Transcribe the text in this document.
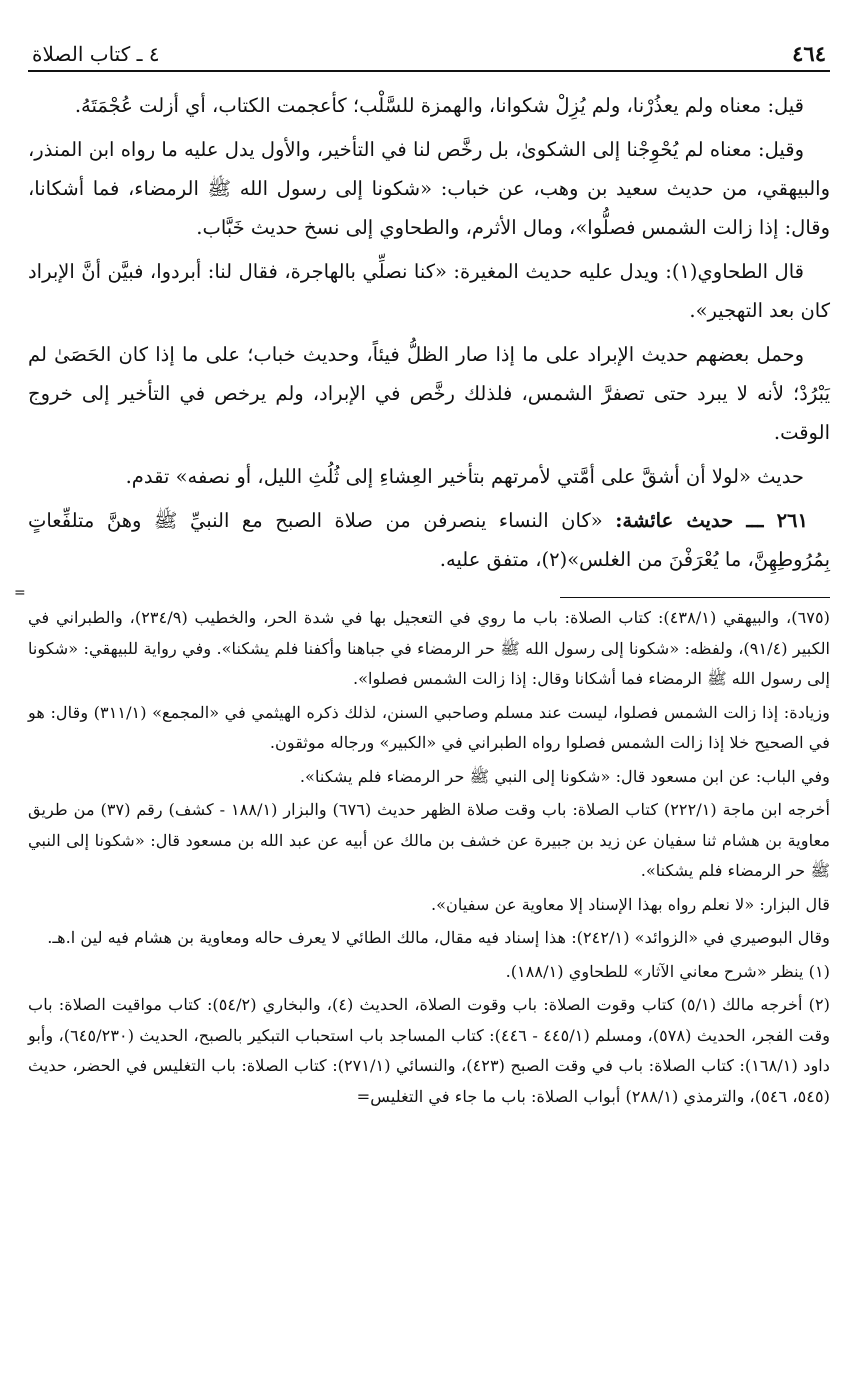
٤٦٤
٤ ـ كتاب الصلاة

قيل: معناه ولم يعذُرْنا، ولم يُزِلْ شكوانا، والهمزة للسَّلْب؛ كأعجمت الكتاب، أي أزلت عُجْمَتَهُ.

وقيل: معناه لم يُحْوِجْنا إلى الشكوىٰ، بل رخَّص لنا في التأخير، والأول يدل عليه ما رواه ابن المنذر، والبيهقي، من حديث سعيد بن وهب، عن خباب: «شكونا إلى رسول الله ﷺ الرمضاء، فما أشكانا، وقال: إذا زالت الشمس فصلُّوا»، ومال الأثرم، والطحاوي إلى نسخ حديث خَبَّاب.

قال الطحاوي(١): ويدل عليه حديث المغيرة: «كنا نصلِّي بالهاجرة، فقال لنا: أبردوا، فبيَّن أنَّ الإبراد كان بعد التهجير».

وحمل بعضهم حديث الإبراد على ما إذا صار الظلُّ فيئاً، وحديث خباب؛ على ما إذا كان الحَصَىٰ لم يَبْرُدْ؛ لأنه لا يبرد حتى تصفرَّ الشمس، فلذلك رخَّص في الإبراد، ولم يرخص في التأخير إلى خروج الوقت.

حديث «لولا أن أشقَّ على أمَّتي لأمرتهم بتأخير العِشاءِ إلى ثُلُثِ الليل، أو نصفه» تقدم.

٢٦١ ـــ حديث عائشة: «كان النساء ينصرفن من صلاة الصبح مع النبيِّ ﷺ وهنَّ متلفِّعاتٍ بِمُرُوطِهِنَّ، ما يُعْرَفْنَ من الغلس»(٢)، متفق عليه.

=

(٦٧٥)، والبيهقي (٤٣٨/١): كتاب الصلاة: باب ما روي في التعجيل بها في شدة الحر، والخطيب (٢٣٤/٩)، والطبراني في الكبير (٩١/٤)، ولفظه: «شكونا إلى رسول الله ﷺ حر الرمضاء في جباهنا وأكفنا فلم يشكنا». وفي رواية للبيهقي: «شكونا إلى رسول الله ﷺ الرمضاء فما أشكانا وقال: إذا زالت الشمس فصلوا».

وزيادة: إذا زالت الشمس فصلوا، ليست عند مسلم وصاحبي السنن، لذلك ذكره الهيثمي في «المجمع» (٣١١/١) وقال: هو في الصحيح خلا إذا زالت الشمس فصلوا رواه الطبراني في «الكبير» ورجاله موثقون.

وفي الباب: عن ابن مسعود قال: «شكونا إلى النبي ﷺ حر الرمضاء فلم يشكنا».

أخرجه ابن ماجة (٢٢٢/١) كتاب الصلاة: باب وقت صلاة الظهر حديث (٦٧٦) والبزار (١٨٨/١ - كشف) رقم (٣٧) من طريق معاوية بن هشام ثنا سفيان عن زيد بن جبيرة عن خشف بن مالك عن أبيه عن عبد الله بن مسعود قال: «شكونا إلى النبي ﷺ حر الرمضاء فلم يشكنا».

قال البزار: «لا نعلم رواه بهذا الإسناد إلا معاوية عن سفيان».

وقال البوصيري في «الزوائد» (٢٤٢/١): هذا إسناد فيه مقال، مالك الطائي لا يعرف حاله ومعاوية بن هشام فيه لين ا.هـ.

(١) ينظر «شرح معاني الآثار» للطحاوي (١٨٨/١).

(٢) أخرجه مالك (٥/١) كتاب وقوت الصلاة: باب وقوت الصلاة، الحديث (٤)، والبخاري (٥٤/٢): كتاب مواقيت الصلاة: باب وقت الفجر، الحديث (٥٧٨)، ومسلم (٤٤٥/١ - ٤٤٦): كتاب المساجد باب استحباب التبكير بالصبح، الحديث (٦٤٥/٢٣٠)، وأبو داود (١٦٨/١): كتاب الصلاة: باب في وقت الصبح (٤٢٣)، والنسائي (٢٧١/١): كتاب الصلاة: باب التغليس في الحضر، حديث (٥٤٥، ٥٤٦)، والترمذي (٢٨٨/١) أبواب الصلاة: باب ما جاء في التغليس=
